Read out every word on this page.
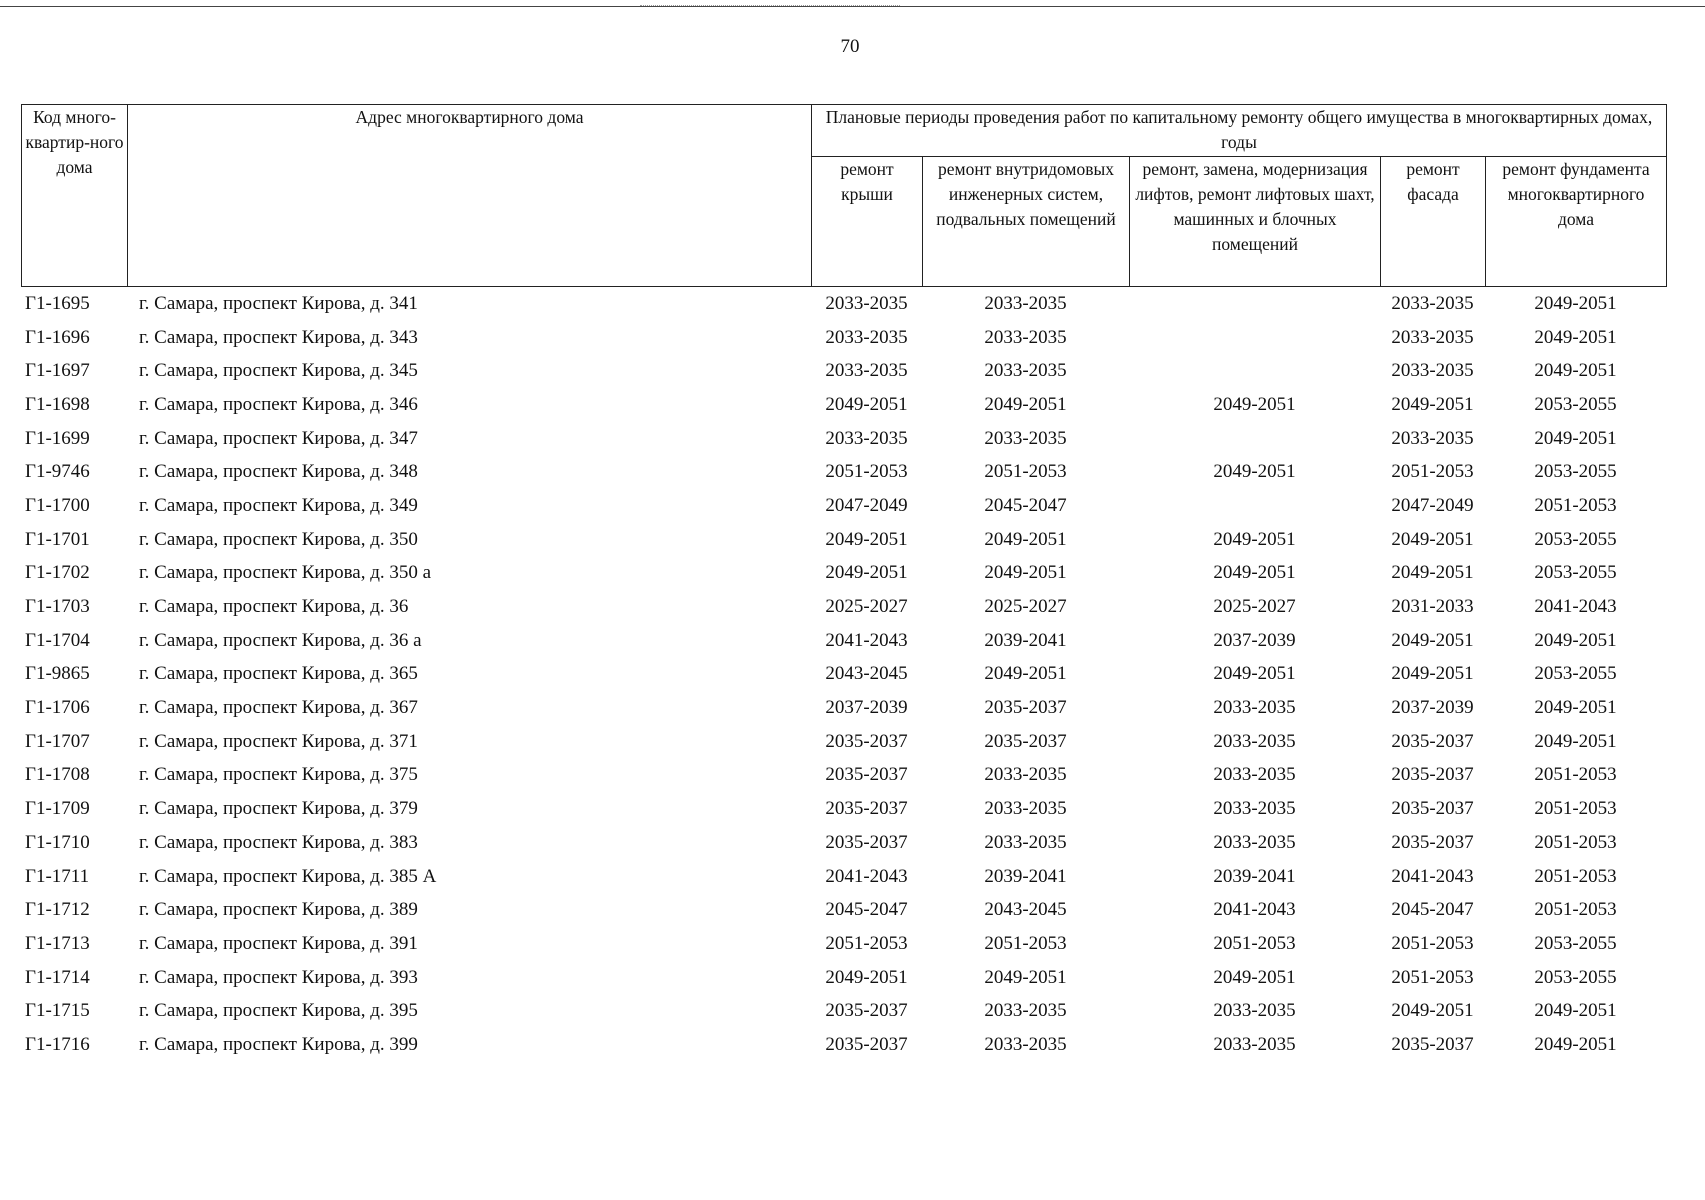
70
Код много-квартир-ного дома	Адрес многоквартирного дома	Плановые периоды проведения работ по капитальному ремонту общего имущества в многоквартирных домах, годы				
		ремонт крыши	ремонт внутридомовых инженерных систем, подвальных помещений	ремонт, замена, модернизация лифтов, ремонт лифтовых шахт, машинных и блочных помещений	ремонт фасада	ремонт фундамента многоквартирного дома
Г1-1695	г. Самара, проспект Кирова, д. 341	2033-2035	2033-2035		2033-2035	2049-2051
Г1-1696	г. Самара, проспект Кирова, д. 343	2033-2035	2033-2035		2033-2035	2049-2051
Г1-1697	г. Самара, проспект Кирова, д. 345	2033-2035	2033-2035		2033-2035	2049-2051
Г1-1698	г. Самара, проспект Кирова, д. 346	2049-2051	2049-2051	2049-2051	2049-2051	2053-2055
Г1-1699	г. Самара, проспект Кирова, д. 347	2033-2035	2033-2035		2033-2035	2049-2051
Г1-9746	г. Самара, проспект Кирова, д. 348	2051-2053	2051-2053	2049-2051	2051-2053	2053-2055
Г1-1700	г. Самара, проспект Кирова, д. 349	2047-2049	2045-2047		2047-2049	2051-2053
Г1-1701	г. Самара, проспект Кирова, д. 350	2049-2051	2049-2051	2049-2051	2049-2051	2053-2055
Г1-1702	г. Самара, проспект Кирова, д. 350 а	2049-2051	2049-2051	2049-2051	2049-2051	2053-2055
Г1-1703	г. Самара, проспект Кирова, д. 36	2025-2027	2025-2027	2025-2027	2031-2033	2041-2043
Г1-1704	г. Самара, проспект Кирова, д. 36 а	2041-2043	2039-2041	2037-2039	2049-2051	2049-2051
Г1-9865	г. Самара, проспект Кирова, д. 365	2043-2045	2049-2051	2049-2051	2049-2051	2053-2055
Г1-1706	г. Самара, проспект Кирова, д. 367	2037-2039	2035-2037	2033-2035	2037-2039	2049-2051
Г1-1707	г. Самара, проспект Кирова, д. 371	2035-2037	2035-2037	2033-2035	2035-2037	2049-2051
Г1-1708	г. Самара, проспект Кирова, д. 375	2035-2037	2033-2035	2033-2035	2035-2037	2051-2053
Г1-1709	г. Самара, проспект Кирова, д. 379	2035-2037	2033-2035	2033-2035	2035-2037	2051-2053
Г1-1710	г. Самара, проспект Кирова, д. 383	2035-2037	2033-2035	2033-2035	2035-2037	2051-2053
Г1-1711	г. Самара, проспект Кирова, д. 385 А	2041-2043	2039-2041	2039-2041	2041-2043	2051-2053
Г1-1712	г. Самара, проспект Кирова, д. 389	2045-2047	2043-2045	2041-2043	2045-2047	2051-2053
Г1-1713	г. Самара, проспект Кирова, д. 391	2051-2053	2051-2053	2051-2053	2051-2053	2053-2055
Г1-1714	г. Самара, проспект Кирова, д. 393	2049-2051	2049-2051	2049-2051	2051-2053	2053-2055
Г1-1715	г. Самара, проспект Кирова, д. 395	2035-2037	2033-2035	2033-2035	2049-2051	2049-2051
Г1-1716	г. Самара, проспект Кирова, д. 399	2035-2037	2033-2035	2033-2035	2035-2037	2049-2051
